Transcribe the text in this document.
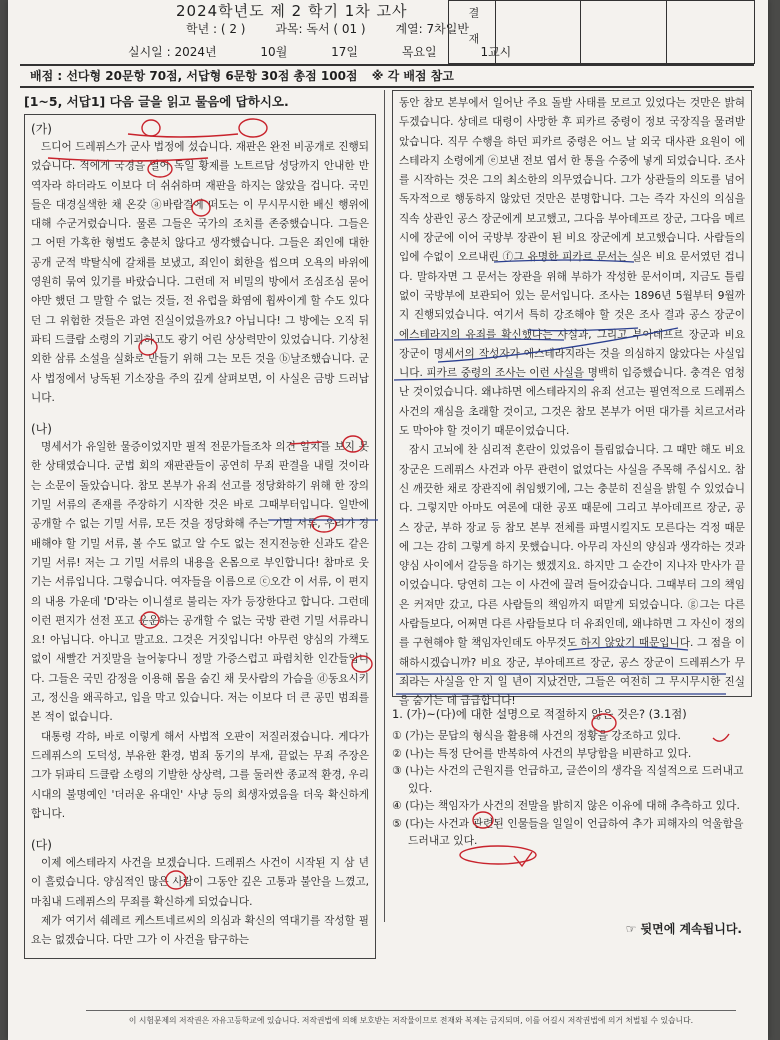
2024학년도 제 2 학기 1차 고사
학년 : ( 2 ) 과목: 독서 ( 01 ) 계열: 7차일반
실시일 : 2024년	10월	17일	목요일	1교시
결
재
배점 : 선다형 20문항 70점, 서답형 6문항 30점 총점 100점 ※ 각 배점 참고
[1~5, 서답1] 다음 글을 읽고 물음에 답하시오.
(가)

드디어 드레퓌스가 군사 법정에 섰습니다. 재판은 완전 비공개로 진행되었습니다. 적에게 국경을 열어 독일 황제를 노트르담 성당까지 안내한 반역자라 하더라도 이보다 더 쉬쉬하며 재판을 하지는 않았을 겁니다. 국민들은 대경실색한 채 온갖 ⓐ바람결에 떠도는 이 무시무시한 배신 행위에 대해 수군거렸습니다. 물론 그들은 국가의 조치를 존중했습니다. 그들은 그 어떤 가혹한 형벌도 충분치 않다고 생각했습니다. 그들은 죄인에 대한 공개 군적 박탈식에 갈채를 보냈고, 죄인이 회한을 씹으며 오욕의 바위에 영원히 묶여 있기를 바랐습니다. 그런데 저 비밀의 방에서 조심조심 묻어야만 했던 그 말할 수 없는 것들, 전 유럽을 화염에 휩싸이게 할 수도 있다던 그 위험한 것들은 과연 진실이었을까요? 아닙니다! 그 방에는 오직 뒤파티 드클람 소령의 기괴하고도 광기 어린 상상력만이 있었습니다. 기상천외한 삼류 소설을 실화로 만들기 위해 그는 모든 것을 ⓑ날조했습니다. 군사 법정에서 낭독된 기소장을 주의 깊게 살펴보면, 이 사실은 금방 드러납니다.

(나)

명세서가 유일한 물증이었지만 필적 전문가들조차 의견 일치를 보지 못한 상태였습니다. 군법 회의 재판관들이 공연히 무죄 판결을 내릴 것이라는 소문이 돌았습니다. 참모 본부가 유죄 선고를 정당화하기 위해 한 장의 기밀 서류의 존재를 주장하기 시작한 것은 바로 그때부터입니다. 일반에 공개할 수 없는 기밀 서류, 모든 것을 정당화해 주는 기밀 서류, 우리가 경배해야 할 기밀 서류, 볼 수도 없고 알 수도 없는 전지전능한 신과도 같은 기밀 서류! 저는 그 기밀 서류의 내용을 온몸으로 부인합니다! 참마로 웃기는 서류입니다. 그렇습니다. 여자들을 이름으로 ⓒ오간 이 서류, 이 편지의 내용 가운데 'D'라는 이니셜로 불리는 자가 등장한다고 합니다. 그런데 이런 편지가 선전 포고 운운하는 공개할 수 없는 국방 관련 기밀 서류라니요! 아닙니다. 아니고 말고요. 그것은 거짓입니다! 아무런 양심의 가책도 없이 새빨간 거짓말을 늘어놓다니 정말 가증스럽고 파렴치한 인간들입니다. 그들은 국민 감정을 이용해 몸을 숨긴 채 뭇사람의 가슴을 ⓓ동요시키고, 정신을 왜곡하고, 입을 막고 있습니다. 저는 이보다 더 큰 공민 범죄를 본 적이 없습니다.

대통령 각하, 바로 이렇게 해서 사법적 오판이 저질러졌습니다. 게다가 드레퓌스의 도덕성, 부유한 환경, 범죄 동기의 부재, 끝없는 무죄 주장은 그가 뒤파티 드클람 소령의 기발한 상상력, 그를 둘러싼 종교적 환경, 우리 시대의 불명예인 '더러운 유대인' 사냥 등의 희생자였음을 더욱 확신하게 합니다.

(다)

이제 에스테라지 사건을 보겠습니다. 드레퓌스 사건이 시작된 지 삼 년이 흘렀습니다. 양심적인 많은 사람이 그동안 깊은 고통과 불안을 느꼈고, 마침내 드레퓌스의 무죄를 확신하게 되었습니다.

제가 여기서 쉐레르 케스트네르씨의 의심과 확신의 역대기를 작성할 필요는 없겠습니다. 다만 그가 이 사건을 탐구하는

동안 참모 본부에서 일어난 주요 돌발 사태를 모르고 있었다는 것만은 밝혀 두겠습니다. 상데르 대령이 사망한 후 피카르 중령이 정보 국장직을 물려받았습니다. 직무 수행을 하던 피카르 중령은 어느 날 외국 대사관 요원이 에스테라지 소령에게 ⓔ보낸 전보 엽서 한 통을 수중에 넣게 되었습니다. 조사를 시작하는 것은 그의 최소한의 의무였습니다. 그가 상관들의 의도를 넘어 독자적으로 행동하지 않았던 것만은 분명합니다. 그는 즉각 자신의 의심을 직속 상관인 공스 장군에게 보고했고, 그다음 부아데프르 장군, 그다음 메르시에 장군에 이어 국방부 장관이 된 비요 장군에게 보고했습니다. 사람들의 입에 수없이 오르내린 ⓕ그 유명한 피카르 문서는 실은 비요 문서였던 겁니다. 말하자면 그 문서는 장관을 위해 부하가 작성한 문서이며, 지금도 틀림없이 국방부에 보관되어 있는 문서입니다. 조사는 1896년 5월부터 9월까지 진행되었습니다. 여기서 특히 강조해야 할 것은 조사 결과 공스 장군이 에스테라지의 유죄를 확신했다는 사실과, 그리고 부아데프르 장군과 비요 장군이 명세서의 작성자가 에스테라지라는 것을 의심하지 않았다는 사실입니다. 피카르 중령의 조사는 이런 사실을 명백히 입증했습니다. 충격은 엄청난 것이었습니다. 왜냐하면 에스테라지의 유죄 선고는 필연적으로 드레퓌스 사건의 재심을 초래할 것이고, 그것은 참모 본부가 어떤 대가를 치르고서라도 막아야 할 것이기 때문이었습니다.

잠시 고뇌에 찬 심리적 혼란이 있었음이 틀림없습니다. 그 때만 해도 비요 장군은 드레퓌스 사건과 아무 관련이 없었다는 사실을 주목해 주십시오. 참신 깨끗한 채로 장관직에 취임했기에, 그는 충분히 진실을 밝힐 수 있었습니다. 그렇지만 아마도 여론에 대한 공포 때문에 그리고 부아데프르 장군, 공스 장군, 부하 장교 등 참모 본부 전체를 파멸시킬지도 모른다는 걱정 때문에 그는 감히 그렇게 하지 못했습니다. 아무리 자신의 양심과 생각하는 것과 양심 사이에서 갈등을 하기는 했겠지요. 하지만 그 순간이 지나자 만사가 끝이었습니다. 당연히 그는 이 사건에 끌려 들어갔습니다. 그때부터 그의 책임은 커져만 갔고, 다른 사람들의 책임까지 떠맡게 되었습니다. ⓖ그는 다른 사람들보다, 어쩌면 다른 사람들보다 더 유죄인데, 왜냐하면 그 자신이 정의를 구현해야 할 책임자인데도 아무것도 하지 않았기 때문입니다. 그 점을 이해하시겠습니까? 비요 장군, 부아데프르 장군, 공스 장군이 드레퓌스가 무죄라는 사실을 안 지 일 년이 지났건만, 그들은 여전히 그 무시무시한 진실을 숨기는 데 급급합니다!

1. (가)~(다)에 대한 설명으로 적절하지 않은 것은? (3.1점)
① (가)는 문답의 형식을 활용해 사건의 정황을 강조하고 있다.
② (나)는 특정 단어를 반복하여 사건의 부당함을 비판하고 있다.
③ (나)는 사건의 근원지를 언급하고, 글쓴이의 생각을 직설적으로 드러내고 있다.
④ (다)는 책임자가 사건의 전말을 밝히지 않은 이유에 대해 추측하고 있다.
⑤ (다)는 사건과 관련된 인물들을 일일이 언급하여 추가 피해자의 억울함을 드러내고 있다.
☞ 뒷면에 계속됩니다.
이 시험문제의 저작권은 자유고등학교에 있습니다. 저작권법에 의해 보호받는 저작물이므로 전재와 복제는 금지되며, 이를 어길시 저작권법에 의거 처벌될 수 있습니다.
